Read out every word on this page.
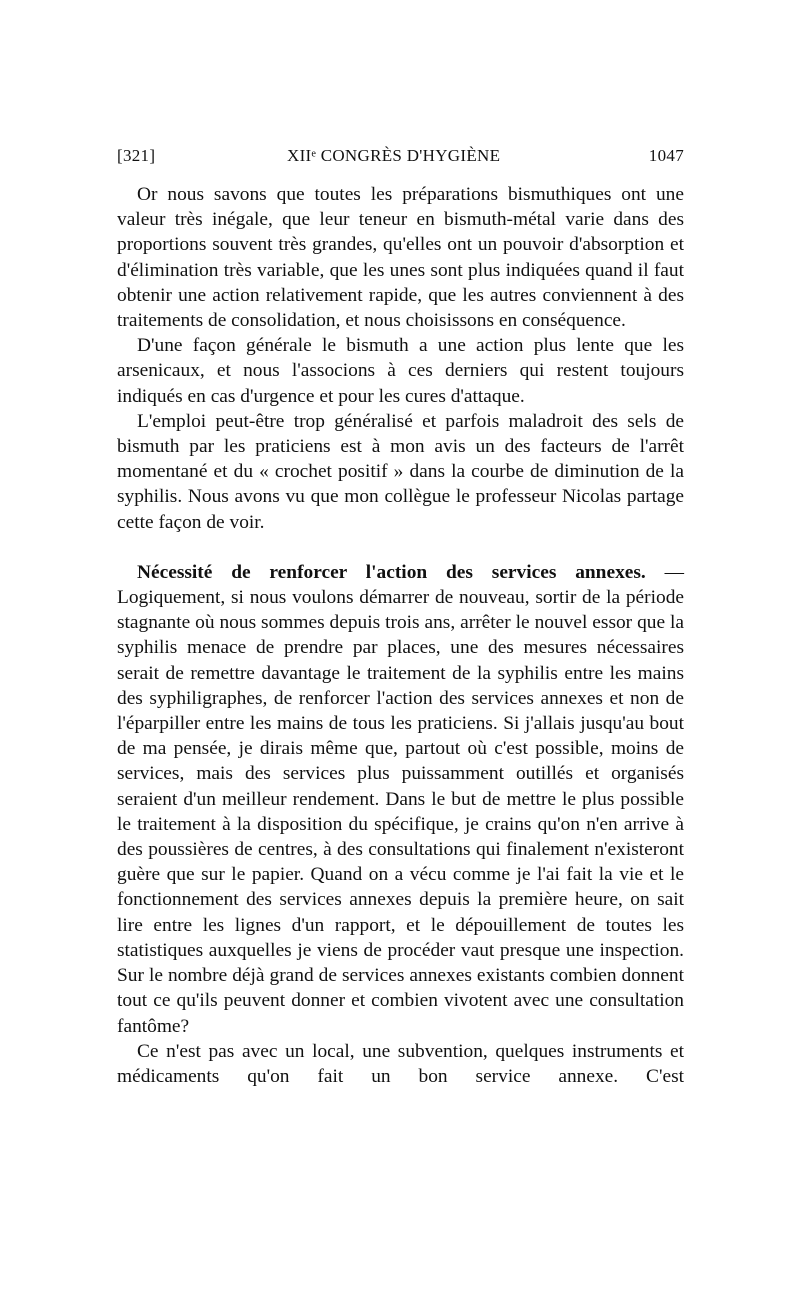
[321]	XIIᵉ CONGRÈS D'HYGIÈNE	1047

Or nous savons que toutes les préparations bismuthiques ont une valeur très inégale, que leur teneur en bismuth-métal varie dans des proportions souvent très grandes, qu'elles ont un pouvoir d'absorption et d'élimination très variable, que les unes sont plus indiquées quand il faut obtenir une action relativement rapide, que les autres conviennent à des traitements de consolidation, et nous choisissons en conséquence.

D'une façon générale le bismuth a une action plus lente que les arsenicaux, et nous l'associons à ces derniers qui restent toujours indiqués en cas d'urgence et pour les cures d'attaque.

L'emploi peut-être trop généralisé et parfois maladroit des sels de bismuth par les praticiens est à mon avis un des facteurs de l'arrêt momentané et du « crochet positif » dans la courbe de diminution de la syphilis. Nous avons vu que mon collègue le professeur Nicolas partage cette façon de voir.

Nécessité de renforcer l'action des services annexes. — Logiquement, si nous voulons démarrer de nouveau, sortir de la période stagnante où nous sommes depuis trois ans, arrêter le nouvel essor que la syphilis menace de prendre par places, une des mesures nécessaires serait de remettre davantage le traitement de la syphilis entre les mains des syphiligraphes, de renforcer l'action des services annexes et non de l'éparpiller entre les mains de tous les praticiens. Si j'allais jusqu'au bout de ma pensée, je dirais même que, partout où c'est possible, moins de services, mais des services plus puissamment outillés et organisés seraient d'un meilleur rendement. Dans le but de mettre le plus possible le traitement à la disposition du spécifique, je crains qu'on n'en arrive à des poussières de centres, à des consultations qui finalement n'existeront guère que sur le papier. Quand on a vécu comme je l'ai fait la vie et le fonctionnement des services annexes depuis la première heure, on sait lire entre les lignes d'un rapport, et le dépouillement de toutes les statistiques auxquelles je viens de procéder vaut presque une inspection. Sur le nombre déjà grand de services annexes existants combien donnent tout ce qu'ils peuvent donner et combien vivotent avec une consultation fantôme?

Ce n'est pas avec un local, une subvention, quelques instruments et médicaments qu'on fait un bon service annexe. C'est
